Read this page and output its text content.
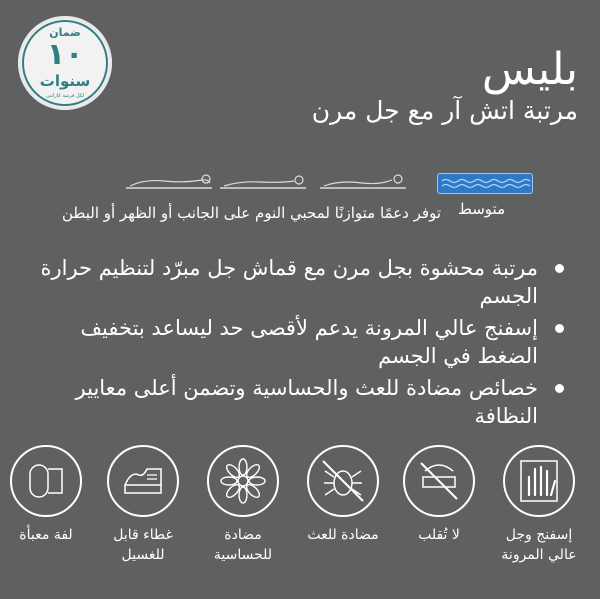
ضمان
١٠
سنوات
لكل فرشة كارانتي
بليس
مرتبة اتش آر مع جل مرن
متوسط
توفر دعمًا متوازنًا لمحبي النوم على الجانب أو الظهر أو البطن
مرتبة محشوة بجل مرن مع قماش جل مبرّد لتنظيم حرارة الجسم
إسفنج عالي المرونة يدعم لأقصى حد ليساعد بتخفيف الضغط في الجسم
خصائص مضادة للعث والحساسية وتضمن أعلى معايير النظافة
إسفنج وجل عالي المرونة
لا تُقلب
مضادة للعث
مضادة للحساسية
غطاء قابل للغسيل
لفة معبأة
